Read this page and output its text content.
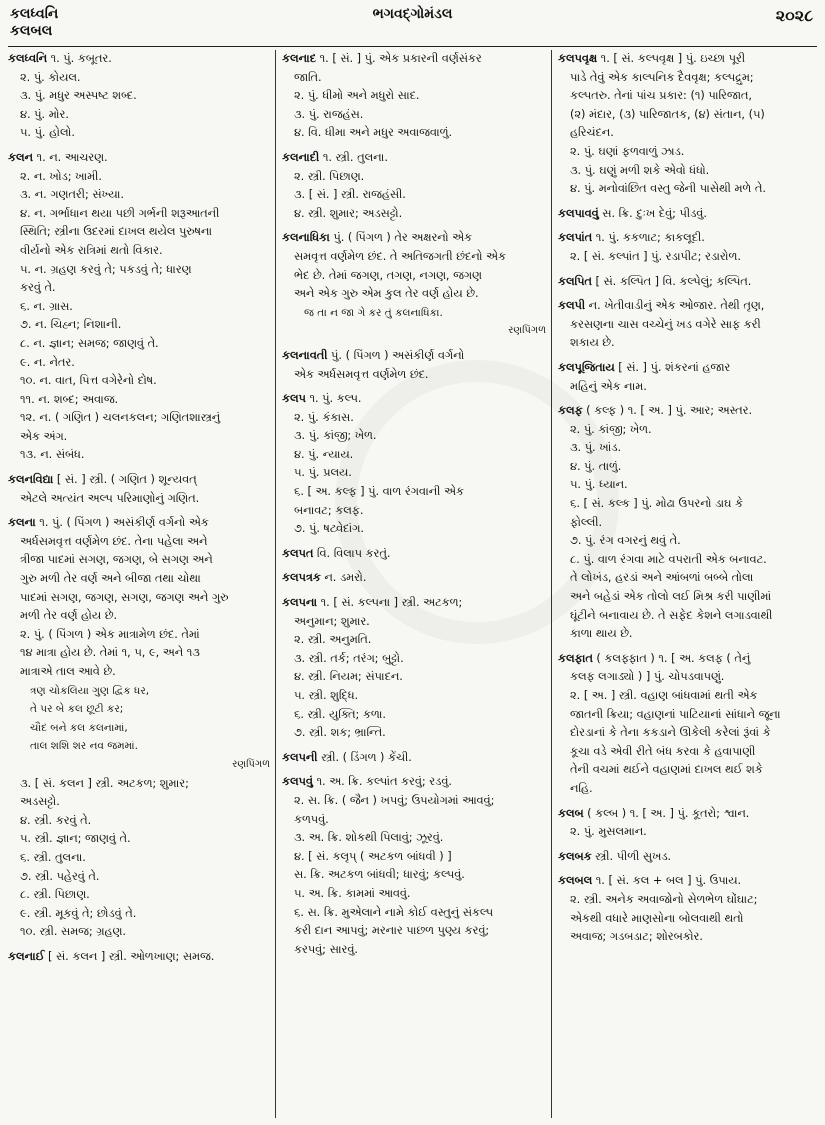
કલધ્વનિ
કલબલ
ભગવદ્ગોમંડલ	૨૦૨૮
કલધ્વનિ ૧. પું. કબૂતર.
૨. પું. કોયલ.
૩. પું. મધુર અસ્પષ્ટ શબ્દ.
૪. પું. મોર.
૫. પું. હોલો.
કલન ૧. ન. આચરણ.
૨. ન. ખોડ; ખામી.
૩. ન. ગણતરી; સંખ્યા.
૪. ન. ગર્ભાધાન થયા પછી ગર્ભની શરૂઆતની
સ્થિતિ; સ્ત્રીના ઉદરમાં દાખલ થયેલ પુરુષના
વીર્યનો એક રાત્રિમાં થતો વિકાર.
૫. ન. ગ્રહણ કરવું તે; પકડવું તે; ધારણ
કરવું તે.
૬. ન. ગ્રાસ.
૭. ન. ચિહ્ન; નિશાની.
૮. ન. જ્ઞાન; સમજ; જાણવું તે.
૯. ન. નેતર.
૧૦. ન. વાત, પિત્ત વગેરેનો દોષ.
૧૧. ન. શબ્દ; અવાજ.
૧૨. ન. ( ગણિત ) ચલનકલન; ગણિતશાસ્ત્રનું
એક અંગ.
૧૩. ન. સંબંધ.
કલનવિદ્યા [ સં. ] સ્ત્રી. ( ગણિત ) શૂન્યવત્
એટલે અત્યંત અલ્પ પરિમાણોનું ગણિત.
કલના ૧. પું. ( પિંગળ ) અસંકીર્ણ વર્ગનો એક
અર્ધસમવૃત્ત વર્ણમેળ છંદ. તેના પહેલા અને
ત્રીજા પાદમાં સગણ, જગણ, બે સગણ અને
ગુરુ મળી તેર વર્ણ અને બીજા તથા ચોથા
પાદમાં સગણ, જગણ, સગણ, જગણ અને ગુરુ
મળી તેર વર્ણ હોય છે.
૨. પું. ( પિંગળ ) એક માત્રામેળ છંદ. તેમાં
૧૪ માત્રા હોય છે. તેમાં ૧, ૫, ૯, અને ૧૩
માત્રાએ તાલ આવે છે.
ત્રણ ચોકલિયા ગુણ દ્વિક ધર,
તે પર બે કલ છૂટી કર;
ચૌદ બને કલ કલનામાં,
તાલ શશિ શર નવ જમમાં.
રણપિંગળ
૩. [ સં. કલન ] સ્ત્રી. અટકળ; શુમાર;
અડસટ્ટો.
૪. સ્ત્રી. કરવું તે.
૫. સ્ત્રી. જ્ઞાન; જાણવું તે.
૬. સ્ત્રી. તુલના.
૭. સ્ત્રી. પહેરવું તે.
૮. સ્ત્રી. પિછાણ.
૯. સ્ત્રી. મૂકવું તે; છોડવું તે.
૧૦. સ્ત્રી. સમજ; ગ્રહણ.
કલનાઈ [ સં. કલન ] સ્ત્રી. ઓળખાણ; સમજ.
કલનાદ ૧. [ સં. ] પું. એક પ્રકારની વર્ણસંકર
જાતિ.
૨. પું. ધીમો અને મધુરો સાદ.
૩. પું. રાજહંસ.
૪. વિ. ધીમા અને મધુર અવાજવાળું.
કલનાદી ૧. સ્ત્રી. તુલના.
૨. સ્ત્રી. પિછાણ.
૩. [ સં. ] સ્ત્રી. રાજહંસી.
૪. સ્ત્રી. શુમાર; અડસટ્ટો.
કલનાધિકા પું. ( પિંગળ ) તેર અક્ષરનો એક
સમવૃત્ત વર્ણમેળ છંદ. તે અતિજગતી છંદનો એક
ભેદ છે. તેમાં જગણ, તગણ, નગણ, જગણ
અને એક ગુરુ એમ કુલ તેર વર્ણ હોય છે.
જ તા ન જા ગે કર તું કલનાધિકા.
રણપિંગળ
કલનાવતી પું. ( પિંગળ ) અસંકીર્ણ વર્ગનો
એક અર્ધસમવૃત્ત વર્ણમેળ છંદ.
કલપ ૧. પું. કલ્પ.
૨. પું. કંકાસ.
૩. પું. કાંજી; ખેળ.
૪. પું. ન્યાય.
૫. પું. પ્રલય.
૬. [ અ. કલ્ફ ] પું. વાળ રંગવાની એક
બનાવટ; કલફ.
૭. પું. ષટ્વેદાંગ.
કલપત વિ. વિલાપ કરતું.
કલપત્રક ન. ડમરો.
કલપના ૧. [ સં. કલ્પના ] સ્ત્રી. અટકળ;
અનુમાન; શુમાર.
૨. સ્ત્રી. અનુમતિ.
૩. સ્ત્રી. તર્ક; તરંગ; બુટ્ટો.
૪. સ્ત્રી. નિયમ; સંપાદન.
૫. સ્ત્રી. શુદ્ધિ.
૬. સ્ત્રી. યુક્તિ; કળા.
૭. સ્ત્રી. શક; ભ્રાન્તિ.
કલપની સ્ત્રી. ( ડિંગળ ) કેંચી.
કલપવું ૧. અ. ક્રિ. કલ્પાંત કરવું; રડવું.
૨. સ. ક્રિ. ( જૈન ) ખપવું; ઉપયોગમાં આવવું;
કળપવું.
૩. અ. ક્રિ. શોકથી પિલાવું; ઝૂરવું.
૪. [ સં. કલૃપ્ ( અટકળ બાંધવી ) ]
સ. ક્રિ. અટકળ બાંધવી; ધારવું; કલ્પવું.
૫. અ. ક્રિ. કામમાં આવવું.
૬. સ. ક્રિ. મુએલાને નામે કોઈ વસ્તુનું સંકલ્પ
કરી દાન આપવું; મરનાર પાછળ પુણ્ય કરવું;
કરપવું; સારવું.
કલપવૃક્ષ ૧. [ સં. કલ્પવૃક્ષ ] પું. ઇચ્છા પૂરી
પાડે તેવું એક કાલ્પનિક દૈવવૃક્ષ; કલ્પદ્રુમ;
કલ્પતરુ. તેનાં પાંચ પ્રકાર: (૧) પારિજાત,
(૨) મંદાર, (૩) પારિજાતક, (૪) સંતાન, (૫)
હરિચંદન.
૨. પું. ઘણાં ફળવાળું ઝાડ.
૩. પું. ઘણું મળી શકે એવો ધંધો.
૪. પું. મનોવાંછિત વસ્તુ જેની પાસેથી મળે તે.
કલપાવવું સ. ક્રિ. દુઃખ દેવું; પીડવું.
કલપાંત ૧. પું. કકળાટ; કાકલૂદી.
૨. [ સં. કલ્પાંત ] પું. રડાપીટ; રડારોળ.
કલપિત [ સં. કલ્પિત ] વિ. કલ્પેલું; કલ્પિત.
કલપી ન. ખેતીવાડીનું એક ઓજાર. તેથી તૃણ,
કરસણના ચાસ વચ્ચેનું ખડ વગેરે સાફ કરી
શકાય છે.
કલપૂજિતાય [ સં. ] પું. શંકરનાં હજાર
મહિનું એક નામ.
કલફ ( કલ્ફ ) ૧. [ અ. ] પું. આર; અસ્તર.
૨. પું. કાંજી; ખેળ.
૩. પું. ખાંડ.
૪. પું. તાળું.
૫. પું. ધ્યાન.
૬. [ સં. કલ્ક ] પું. મોઢા ઉપરનો ડાઘ કે
ફોલ્લી.
૭. પું. રંગ વગરનું થવું તે.
૮. પું. વાળ રંગવા માટે વપરાતી એક બનાવટ.
તે લોખંડ, હરડાં અને આંબળાં બબ્બે તોલા
અને બહેડાં એક તોલો લઈ મિશ્ર કરી પાણીમાં
ઘૂંટીને બનાવાય છે. તે સફેદ કેશને લગાડવાથી
કાળા થાય છે.
કલફાત ( કલફ્ફાત ) ૧. [ અ. કલફ ( તેનું
કલફ લગાડ્યો ) ] પું. ચોપડવાપણું.
૨. [ અ. ] સ્ત્રી. વહાણ બાંધવામાં થતી એક
જાતની ક્રિયા; વહાણનાં પાટિયાનાં સાંધાને જૂના
દોરડાનાં કે તેના કકડાને ઊકેલી કરેલાં રૂંવાં કે
કૂચા વડે એવી રીતે બંધ કરવા કે હવાપાણી
તેની વચમાં થઈને વહાણમાં દાખલ થઈ શકે
નહિ.
કલબ ( કલ્બ ) ૧. [ અ. ] પું. કૂતરો; શ્વાન.
૨. પું. મુસલમાન.
કલબક સ્ત્રી. પીળી સુખડ.
કલબલ ૧. [ સં. કલ + બલ ] પું. ઉપાય.
૨. સ્ત્રી. અનેક અવાજોનો સેળભેળ ઘોંઘાટ;
એકથી વધારે માણસોના બોલવાથી થતો
અવાજ; ગડબડાટ; શોરબકોર.
